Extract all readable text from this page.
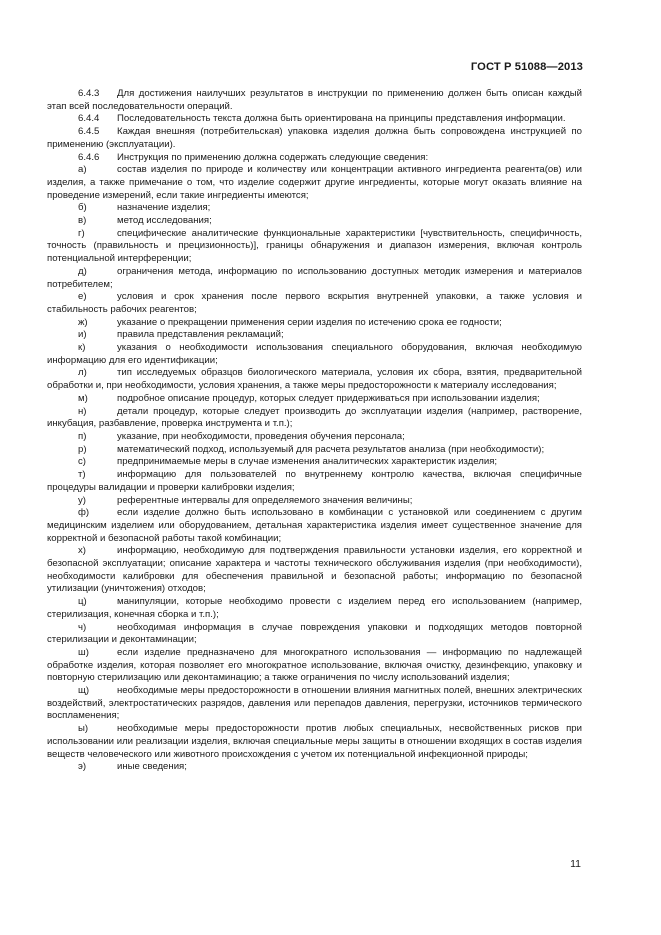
ГОСТ Р 51088—2013

6.4.3 Для достижения наилучших результатов в инструкции по применению должен быть описан каждый этап всей последовательности операций.

6.4.4 Последовательность текста должна быть ориентирована на принципы представления информации.

6.4.5 Каждая внешняя (потребительская) упаковка изделия должна быть сопровождена инструкцией по применению (эксплуатации).

6.4.6 Инструкция по применению должна содержать следующие сведения:

а)	состав изделия по природе и количеству или концентрации активного ингредиента реагента(ов) или изделия, а также примечание о том, что изделие содержит другие ингредиенты, которые могут оказать влияние на проведение измерений, если такие ингредиенты имеются;

б)	назначение изделия;

в)	метод исследования;

г)	специфические аналитические функциональные характеристики [чувствительность, специфичность, точность (правильность и прецизионность)], границы обнаружения и диапазон измерения, включая контроль потенциальной интерференции;

д)	ограничения метода, информацию по использованию доступных методик измерения и материалов потребителем;

е)	условия и срок хранения после первого вскрытия внутренней упаковки, а также условия и стабильность рабочих реагентов;

ж)	указание о прекращении применения серии изделия по истечению срока ее годности;

и)	правила представления рекламаций;

к)	указания о необходимости использования специального оборудования, включая необходимую информацию для его идентификации;

л)	тип исследуемых образцов биологического материала, условия их сбора, взятия, предварительной обработки и, при необходимости, условия хранения, а также меры предосторожности к материалу исследования;

м)	подробное описание процедур, которых следует придерживаться при использовании изделия;

н)	детали процедур, которые следует производить до эксплуатации изделия (например, растворение, инкубация, разбавление, проверка инструмента и т.п.);

п)	указание, при необходимости, проведения обучения персонала;

р)	математический подход, используемый для расчета результатов анализа (при необходимости);

с)	предпринимаемые меры в случае изменения аналитических характеристик изделия;

т)	информацию для пользователей по внутреннему контролю качества, включая специфичные процедуры валидации и проверки калибровки изделия;

у)	референтные интервалы для определяемого значения величины;

ф)	если изделие должно быть использовано в комбинации с установкой или соединением с другим медицинским изделием или оборудованием, детальная характеристика изделия имеет существенное значение для корректной и безопасной работы такой комбинации;

х)	информацию, необходимую для подтверждения правильности установки изделия, его корректной и безопасной эксплуатации; описание характера и частоты технического обслуживания изделия (при необходимости), необходимости калибровки для обеспечения правильной и безопасной работы; информацию по безопасной утилизации (уничтожения) отходов;

ц)	манипуляции, которые необходимо провести с изделием перед его использованием (например, стерилизация, конечная сборка и т.п.);

ч)	необходимая информация в случае повреждения упаковки и подходящих методов повторной стерилизации и деконтаминации;

ш)	если изделие предназначено для многократного использования — информацию по надлежащей обработке изделия, которая позволяет его многократное использование, включая очистку, дезинфекцию, упаковку и повторную стерилизацию или деконтаминацию; а также ограничения по числу использований изделия;

щ)	необходимые меры предосторожности в отношении влияния магнитных полей, внешних электрических воздействий, электростатических разрядов, давления или перепадов давления, перегрузки, источников термического воспламенения;

ы)	необходимые меры предосторожности против любых специальных, несвойственных рисков при использовании или реализации изделия, включая специальные меры защиты в отношении входящих в состав изделия веществ человеческого или животного происхождения с учетом их потенциальной инфекционной природы;

э)	иные сведения;

11
